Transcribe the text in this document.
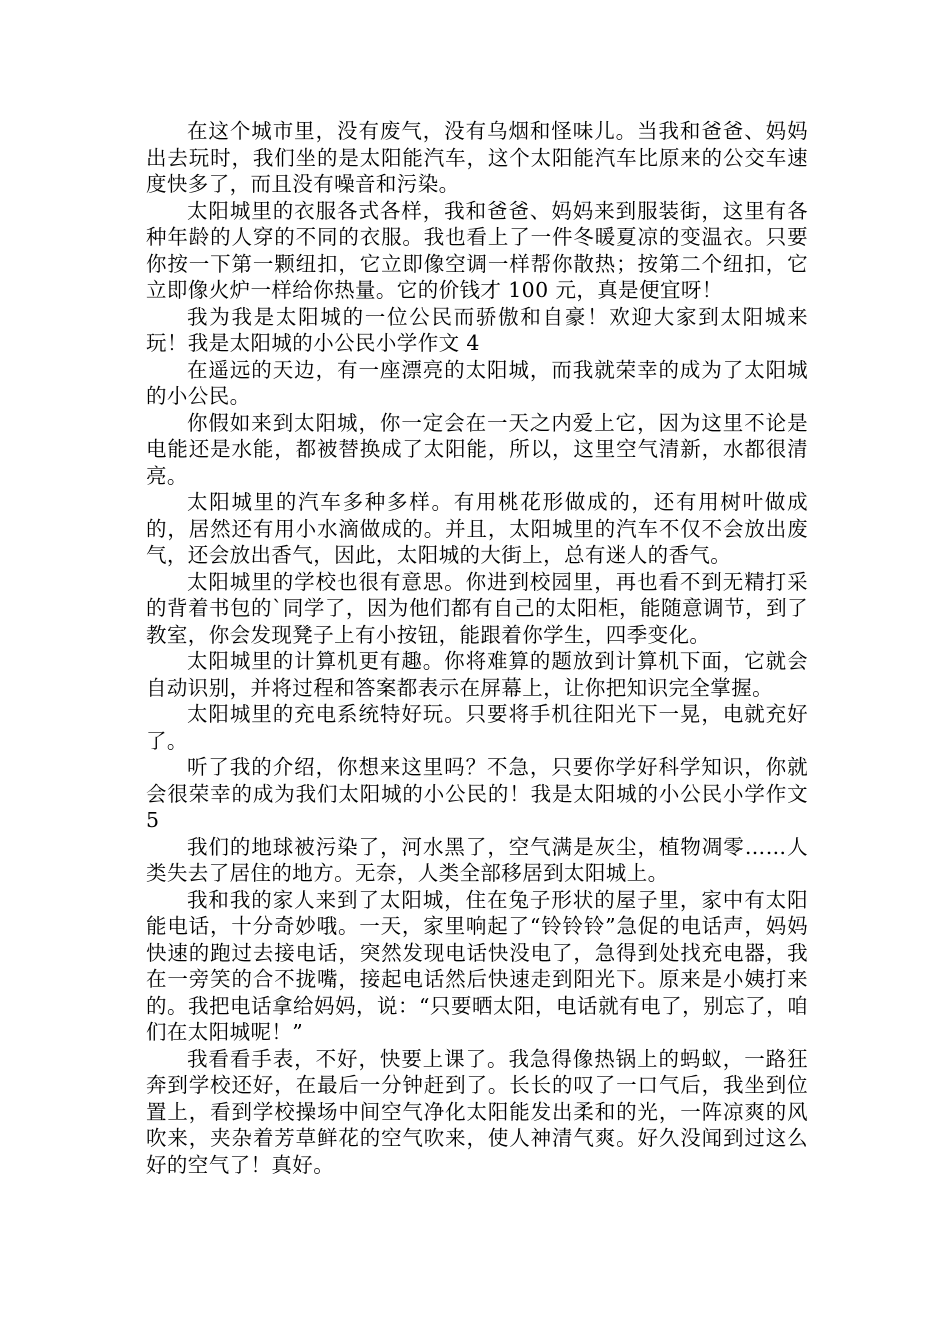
在这个城市里，没有废气，没有乌烟和怪味儿。当我和爸爸、妈妈出去玩时，我们坐的是太阳能汽车，这个太阳能汽车比原来的公交车速度快多了，而且没有噪音和污染。

太阳城里的衣服各式各样，我和爸爸、妈妈来到服装街，这里有各种年龄的人穿的不同的衣服。我也看上了一件冬暖夏凉的变温衣。只要你按一下第一颗纽扣，它立即像空调一样帮你散热；按第二个纽扣，它立即像火炉一样给你热量。它的价钱才 100 元，真是便宜呀！

我为我是太阳城的一位公民而骄傲和自豪！欢迎大家到太阳城来玩！我是太阳城的小公民小学作文 4

在遥远的天边，有一座漂亮的太阳城，而我就荣幸的成为了太阳城的小公民。

你假如来到太阳城，你一定会在一天之内爱上它，因为这里不论是电能还是水能，都被替换成了太阳能，所以，这里空气清新，水都很清亮。

太阳城里的汽车多种多样。有用桃花形做成的，还有用树叶做成的，居然还有用小水滴做成的。并且，太阳城里的汽车不仅不会放出废气，还会放出香气，因此，太阳城的大街上，总有迷人的香气。

太阳城里的学校也很有意思。你进到校园里，再也看不到无精打采的背着书包的`同学了，因为他们都有自己的太阳柜，能随意调节，到了教室，你会发现凳子上有小按钮，能跟着你学生，四季变化。

太阳城里的计算机更有趣。你将难算的题放到计算机下面，它就会自动识别，并将过程和答案都表示在屏幕上，让你把知识完全掌握。

太阳城里的充电系统特好玩。只要将手机往阳光下一晃，电就充好了。

听了我的介绍，你想来这里吗？不急，只要你学好科学知识，你就会很荣幸的成为我们太阳城的小公民的！我是太阳城的小公民小学作文 5

我们的地球被污染了，河水黑了，空气满是灰尘，植物凋零……人类失去了居住的地方。无奈，人类全部移居到太阳城上。

我和我的家人来到了太阳城，住在兔子形状的屋子里，家中有太阳能电话，十分奇妙哦。一天，家里响起了“铃铃铃”急促的电话声，妈妈快速的跑过去接电话，突然发现电话快没电了，急得到处找充电器，我在一旁笑的合不拢嘴，接起电话然后快速走到阳光下。原来是小姨打来的。我把电话拿给妈妈，说：“只要晒太阳，电话就有电了，别忘了，咱们在太阳城呢！”

我看看手表，不好，快要上课了。我急得像热锅上的蚂蚁，一路狂奔到学校还好，在最后一分钟赶到了。长长的叹了一口气后，我坐到位置上，看到学校操场中间空气净化太阳能发出柔和的光，一阵凉爽的风吹来，夹杂着芳草鲜花的空气吹来，使人神清气爽。好久没闻到过这么好的空气了！真好。
